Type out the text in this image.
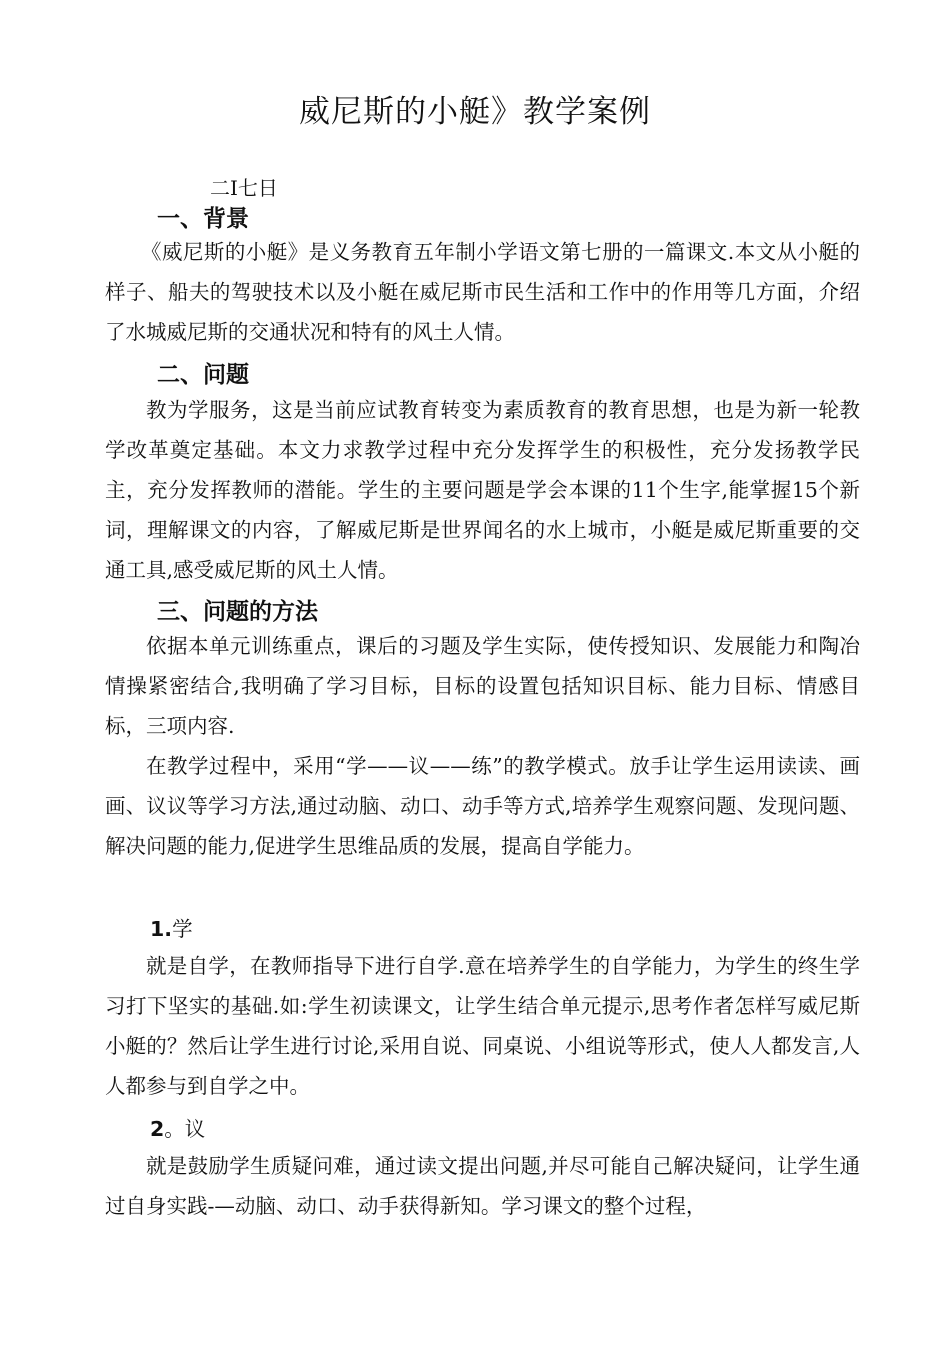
威尼斯的小艇》教学案例

二I七日

一、背景

《威尼斯的小艇》是义务教育五年制小学语文第七册的一篇课文.本文从小艇的样子、船夫的驾驶技术以及小艇在威尼斯市民生活和工作中的作用等几方面，介绍了水城威尼斯的交通状况和特有的风土人情。

二、问题

教为学服务，这是当前应试教育转变为素质教育的教育思想，也是为新一轮教学改革奠定基础。本文力求教学过程中充分发挥学生的积极性，充分发扬教学民主，充分发挥教师的潜能。学生的主要问题是学会本课的11个生字,能掌握15个新词，理解课文的内容，了解威尼斯是世界闻名的水上城市，小艇是威尼斯重要的交通工具,感受威尼斯的风土人情。

三、问题的方法

依据本单元训练重点，课后的习题及学生实际，使传授知识、发展能力和陶冶情操紧密结合,我明确了学习目标，目标的设置包括知识目标、能力目标、情感目标，三项内容.

在教学过程中，采用“学——议——练”的教学模式。放手让学生运用读读、画画、议议等学习方法,通过动脑、动口、动手等方式,培养学生观察问题、发现问题、解决问题的能力,促进学生思维品质的发展，提高自学能力。

1.学

就是自学，在教师指导下进行自学.意在培养学生的自学能力，为学生的终生学习打下坚实的基础.如:学生初读课文，让学生结合单元提示,思考作者怎样写威尼斯小艇的？然后让学生进行讨论,采用自说、同桌说、小组说等形式，使人人都发言,人人都参与到自学之中。

2。议

就是鼓励学生质疑问难，通过读文提出问题,并尽可能自己解决疑问，让学生通过自身实践-—动脑、动口、动手获得新知。学习课文的整个过程，
